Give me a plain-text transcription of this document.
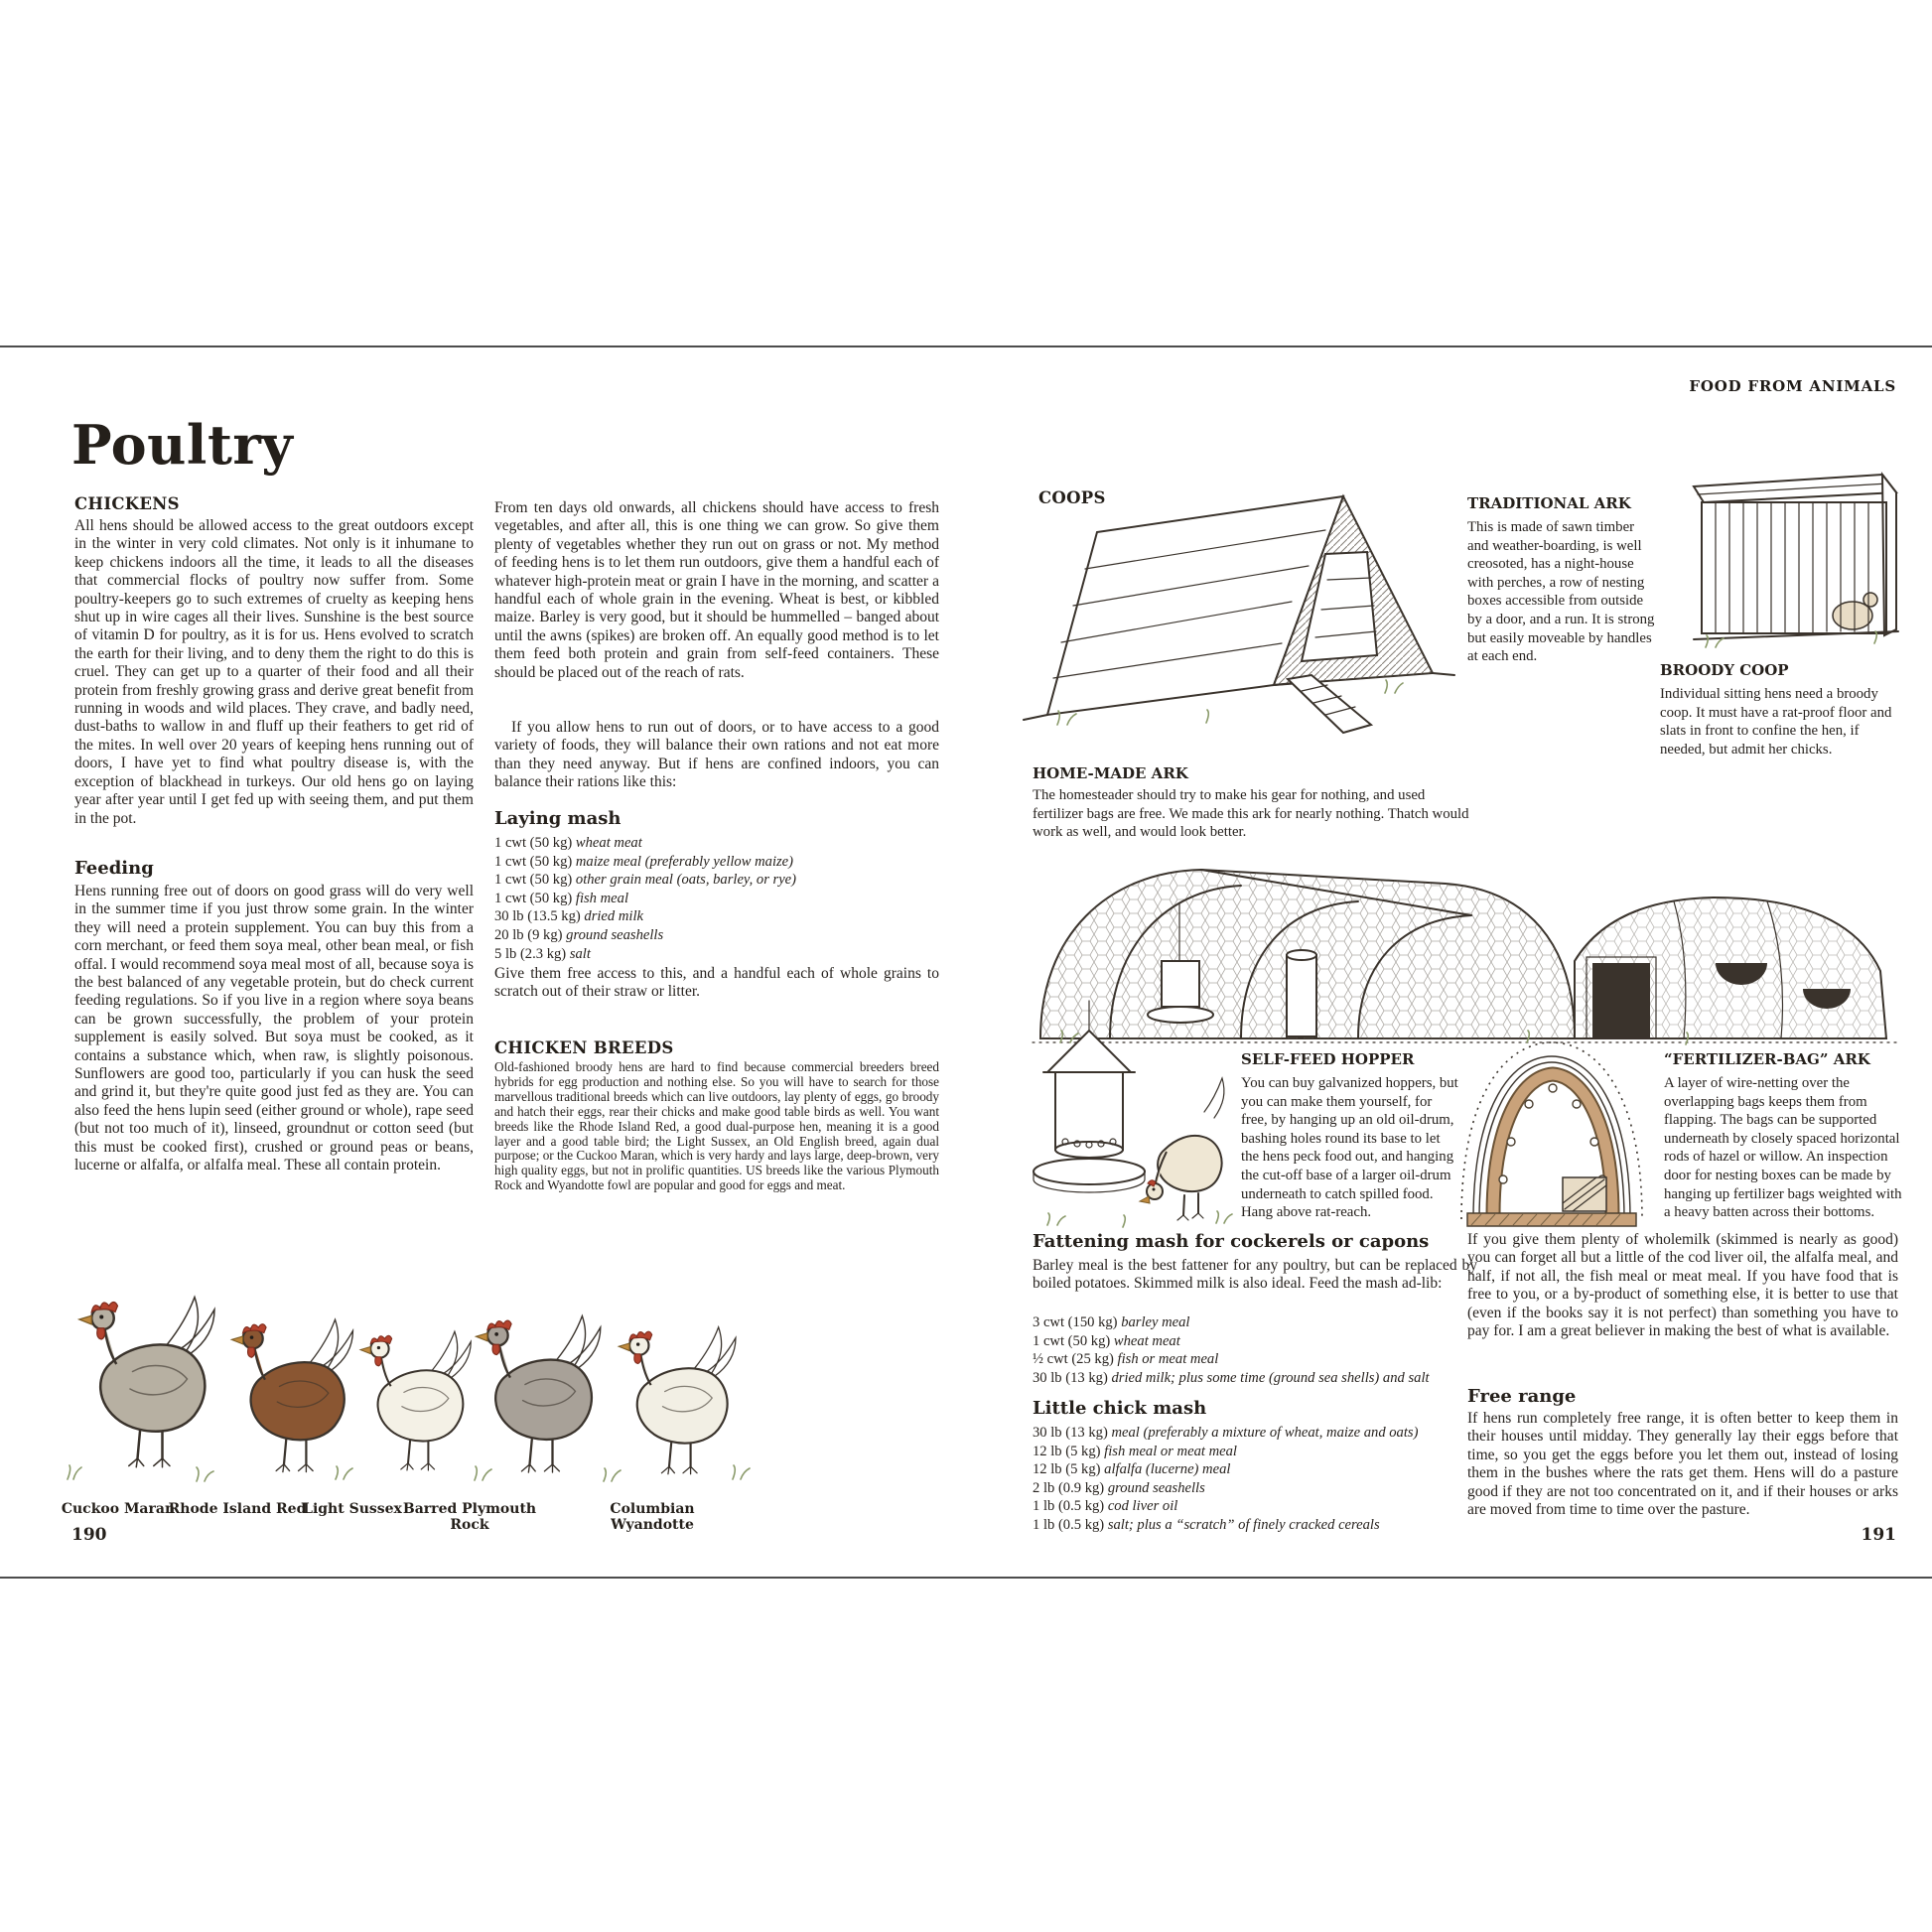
Poultry
CHICKENS
All hens should be allowed access to the great outdoors except in the winter in very cold climates. Not only is it inhumane to keep chickens indoors all the time, it leads to all the diseases that commercial flocks of poultry now suffer from. Some poultry-keepers go to such extremes of cruelty as keeping hens shut up in wire cages all their lives. Sunshine is the best source of vitamin D for poultry, as it is for us. Hens evolved to scratch the earth for their living, and to deny them the right to do this is cruel. They can get up to a quarter of their food and all their protein from freshly growing grass and derive great benefit from running in woods and wild places. They crave, and badly need, dust-baths to wallow in and fluff up their feathers to get rid of the mites. In well over 20 years of keeping hens running out of doors, I have yet to find what poultry disease is, with the exception of blackhead in turkeys. Our old hens go on laying year after year until I get fed up with seeing them, and put them in the pot.
Feeding
Hens running free out of doors on good grass will do very well in the summer time if you just throw some grain. In the winter they will need a protein supplement. You can buy this from a corn merchant, or feed them soya meal, other bean meal, or fish offal. I would recommend soya meal most of all, because soya is the best balanced of any vegetable protein, but do check current feeding regulations. So if you live in a region where soya beans can be grown successfully, the problem of your protein supplement is easily solved. But soya must be cooked, as it contains a substance which, when raw, is slightly poisonous. Sunflowers are good too, particularly if you can husk the seed and grind it, but they're quite good just fed as they are. You can also feed the hens lupin seed (either ground or whole), rape seed (but not too much of it), linseed, groundnut or cotton seed (but this must be cooked first), crushed or ground peas or beans, lucerne or alfalfa, or alfalfa meal. These all contain protein.
From ten days old onwards, all chickens should have access to fresh vegetables, and after all, this is one thing we can grow. So give them plenty of vegetables whether they run out on grass or not. My method of feeding hens is to let them run outdoors, give them a handful each of whatever high-protein meat or grain I have in the morning, and scatter a handful each of whole grain in the evening. Wheat is best, or kibbled maize. Barley is very good, but it should be hummelled – banged about until the awns (spikes) are broken off. An equally good method is to let them feed both protein and grain from self-feed containers. These should be placed out of the reach of rats.
If you allow hens to run out of doors, or to have access to a good variety of foods, they will balance their own rations and not eat more than they need anyway. But if hens are confined indoors, you can balance their rations like this:
Laying mash
1 cwt (50 kg) wheat meat
1 cwt (50 kg) maize meal (preferably yellow maize)
1 cwt (50 kg) other grain meal (oats, barley, or rye)
1 cwt (50 kg) fish meal
30 lb (13.5 kg) dried milk
20 lb (9 kg) ground seashells
5 lb (2.3 kg) salt
Give them free access to this, and a handful each of whole grains to scratch out of their straw or litter.
CHICKEN BREEDS
Old-fashioned broody hens are hard to find because commercial breeders breed hybrids for egg production and nothing else. So you will have to search for those marvellous traditional breeds which can live outdoors, lay plenty of eggs, go broody and hatch their eggs, rear their chicks and make good table birds as well. You want breeds like the Rhode Island Red, a good dual-purpose hen, meaning it is a good layer and a good table bird; the Light Sussex, an Old English breed, again dual purpose; or the Cuckoo Maran, which is very hardy and lays large, deep-brown, very high quality eggs, but not in prolific quantities. US breeds like the various Plymouth Rock and Wyandotte fowl are popular and good for eggs and meat.
Cuckoo Maran
Rhode Island Red
Light Sussex Barred Plymouth Rock
Columbian Wyandotte
190
FOOD FROM ANIMALS
COOPS	TRADITIONAL ARK
This is made of sawn timber and weather-boarding, is well creosoted, has a night-house with perches, a row of nesting boxes accessible from outside by a door, and a run. It is strong but easily moveable by handles at each end.
BROODY COOP
Individual sitting hens need a broody coop. It must have a rat-proof floor and slats in front to confine the hen, if needed, but admit her chicks.
HOME-MADE ARK
The homesteader should try to make his gear for nothing, and used fertilizer bags are free. We made this ark for nearly nothing. Thatch would work as well, and would look better.
SELF-FEED HOPPER
You can buy galvanized hoppers, but you can make them yourself, for free, by hanging up an old oil-drum, bashing holes round its base to let the hens peck food out, and hanging the cut-off base of a larger oil-drum underneath to catch spilled food. Hang above rat-reach.
“FERTILIZER-BAG” ARK
A layer of wire-netting over the overlapping bags keeps them from flapping. The bags can be supported underneath by closely spaced horizontal rods of hazel or willow. An inspection door for nesting boxes can be made by hanging up fertilizer bags weighted with a heavy batten across their bottoms.
Fattening mash for cockerels or capons
Barley meal is the best fattener for any poultry, but can be replaced by boiled potatoes. Skimmed milk is also ideal. Feed the mash ad-lib:
3 cwt (150 kg) barley meal
1 cwt (50 kg) wheat meat
½ cwt (25 kg) fish or meat meal
30 lb (13 kg) dried milk; plus some time (ground sea shells) and salt
Little chick mash
30 lb (13 kg) meal (preferably a mixture of wheat, maize and oats)
12 lb (5 kg) fish meal or meat meal
12 lb (5 kg) alfalfa (lucerne) meal
2 lb (0.9 kg) ground seashells
1 lb (0.5 kg) cod liver oil
1 lb (0.5 kg) salt; plus a “scratch” of finely cracked cereals
If you give them plenty of wholemilk (skimmed is nearly as good) you can forget all but a little of the cod liver oil, the alfalfa meal, and half, if not all, the fish meal or meat meal. If you have food that is free to you, or a by-product of something else, it is better to use that (even if the books say it is not perfect) than something you have to pay for. I am a great believer in making the best of what is available.
Free range
If hens run completely free range, it is often better to keep them in their houses until midday. They generally lay their eggs before that time, so you get the eggs before you let them out, instead of losing them in the bushes where the rats get them. Hens will do a pasture good if they are not too concentrated on it, and if their houses or arks are moved from time to time over the pasture.
191
